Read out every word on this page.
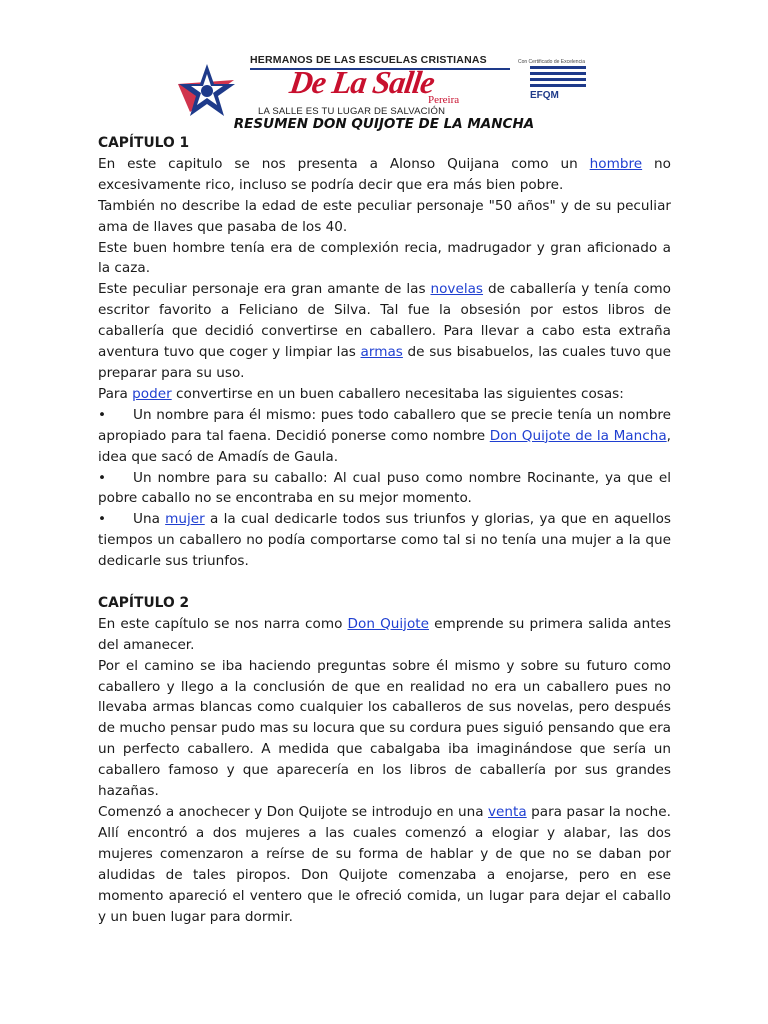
HERMANOS DE LAS ESCUELAS CRISTIANAS	Con Certificado de Excelencia
De La Salle
Pereira
LA SALLE ES TU LUGAR DE SALVACIÓN
EFQM
RESUMEN DON QUIJOTE DE LA MANCHA
CAPÍTULO 1

En este capitulo se nos presenta a Alonso Quijana como un hombre no excesivamente rico, incluso se podría decir que era más bien pobre.

También no describe la edad de este peculiar personaje "50 años" y de su peculiar ama de llaves que pasaba de los 40.

Este buen hombre tenía era de complexión recia, madrugador y gran aficionado a la caza.

Este peculiar personaje era gran amante de las novelas de caballería y tenía como escritor favorito a Feliciano de Silva. Tal fue la obsesión por estos libros de caballería que decidió convertirse en caballero. Para llevar a cabo esta extraña aventura tuvo que coger y limpiar las armas de sus bisabuelos, las cuales tuvo que preparar para su uso.

Para poder convertirse en un buen caballero necesitaba las siguientes cosas:

• Un nombre para él mismo: pues todo caballero que se precie tenía un nombre apropiado para tal faena. Decidió ponerse como nombre Don Quijote de la Mancha, idea que sacó de Amadís de Gaula.

• Un nombre para su caballo: Al cual puso como nombre Rocinante, ya que el pobre caballo no se encontraba en su mejor momento.

• Una mujer a la cual dedicarle todos sus triunfos y glorias, ya que en aquellos tiempos un caballero no podía comportarse como tal si no tenía una mujer a la que dedicarle sus triunfos.

CAPÍTULO 2

En este capítulo se nos narra como Don Quijote emprende su primera salida antes del amanecer.

Por el camino se iba haciendo preguntas sobre él mismo y sobre su futuro como caballero y llego a la conclusión de que en realidad no era un caballero pues no llevaba armas blancas como cualquier los caballeros de sus novelas, pero después de mucho pensar pudo mas su locura que su cordura pues siguió pensando que era un perfecto caballero. A medida que cabalgaba iba imaginándose que sería un caballero famoso y que aparecería en los libros de caballería por sus grandes hazañas.

Comenzó a anochecer y Don Quijote se introdujo en una venta para pasar la noche. Allí encontró a dos mujeres a las cuales comenzó a elogiar y alabar, las dos mujeres comenzaron a reírse de su forma de hablar y de que no se daban por aludidas de tales piropos. Don Quijote comenzaba a enojarse, pero en ese momento apareció el ventero que le ofreció comida, un lugar para dejar el caballo y un buen lugar para dormir.
